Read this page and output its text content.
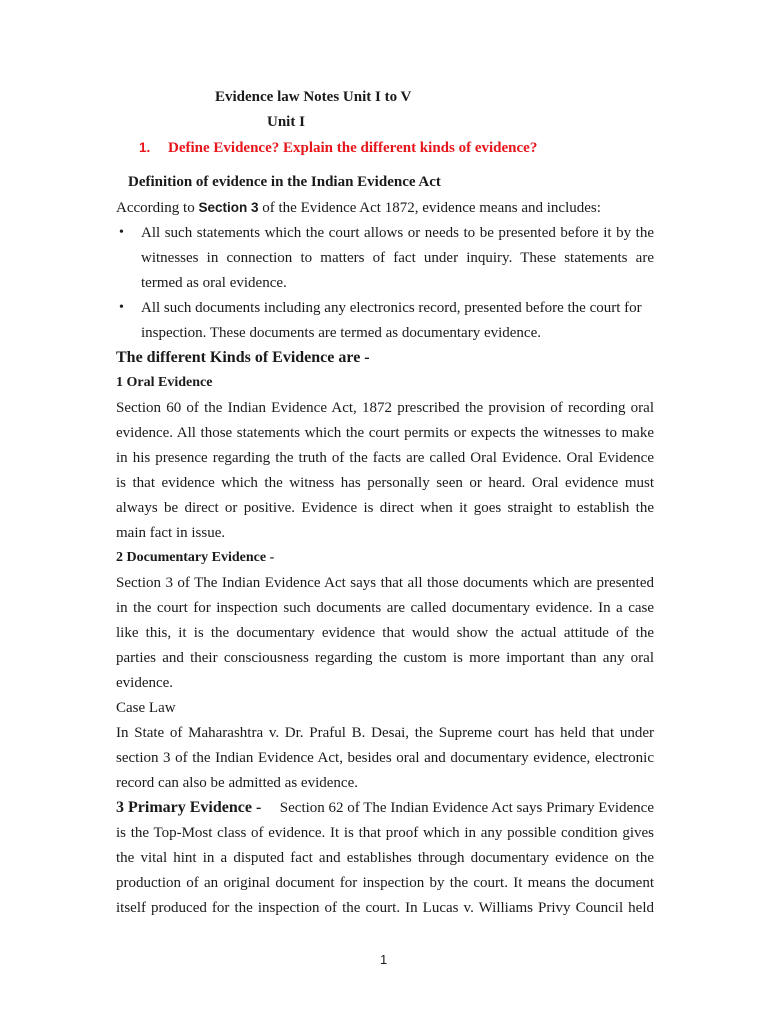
Evidence law Notes Unit I to V
Unit I
1. Define Evidence? Explain the different kinds of evidence?
Definition of evidence in the Indian Evidence Act
According to Section 3 of the Evidence Act 1872, evidence means and includes:
• All such statements which the court allows or needs to be presented before it by the
witnesses in connection to matters of fact under inquiry. These statements are
termed as oral evidence.
• All such documents including any electronics record, presented before the court for
inspection. These documents are termed as documentary evidence.
The different Kinds of Evidence are -
1 Oral Evidence
Section 60 of the Indian Evidence Act, 1872 prescribed the provision of recording oral
evidence. All those statements which the court permits or expects the witnesses to make
in his presence regarding the truth of the facts are called Oral Evidence. Oral Evidence
is that evidence which the witness has personally seen or heard. Oral evidence must
always be direct or positive. Evidence is direct when it goes straight to establish the
main fact in issue.
2 Documentary Evidence -
Section 3 of The Indian Evidence Act says that all those documents which are presented
in the court for inspection such documents are called documentary evidence. In a case
like this, it is the documentary evidence that would show the actual attitude of the
parties and their consciousness regarding the custom is more important than any oral
evidence.
Case Law
In State of Maharashtra v. Dr. Praful B. Desai, the Supreme court has held that under
section 3 of the Indian Evidence Act, besides oral and documentary evidence, electronic
record can also be admitted as evidence.
3 Primary Evidence - Section 62 of The Indian Evidence Act says Primary Evidence
is the Top-Most class of evidence. It is that proof which in any possible condition gives
the vital hint in a disputed fact and establishes through documentary evidence on the
production of an original document for inspection by the court. It means the document
itself produced for the inspection of the court. In Lucas v. Williams Privy Council held
1
